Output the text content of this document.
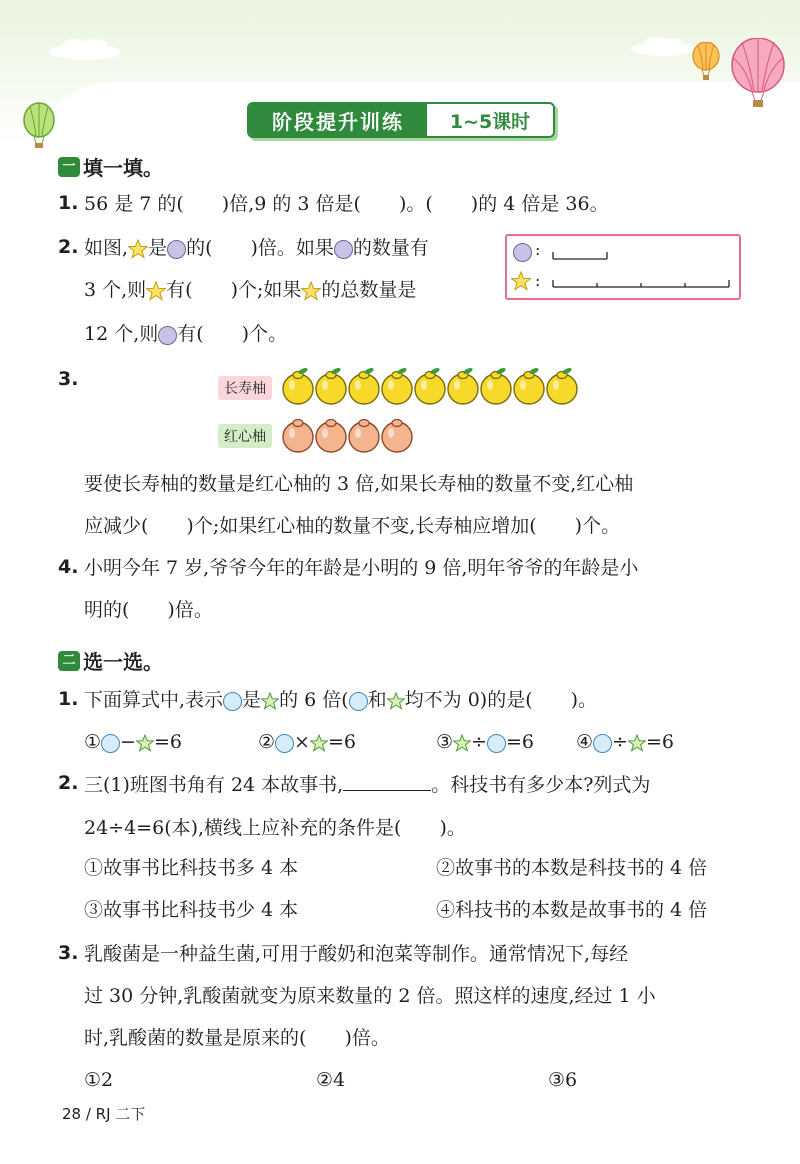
阶段提升训练	1~5课时
一 填一填。
1. 56 是 7 的(　　)倍,9 的 3 倍是(　　)。(　　)的 4 倍是 36。
2. 如图, 是 的(　　)倍。如果 的数量有
3 个,则 有(　　)个;如果 的总数量是
12 个,则 有(　　)个。
:
:
3.	长寿柚
红心柚
要使长寿柚的数量是红心柚的 3 倍,如果长寿柚的数量不变,红心柚
应减少(　　)个;如果红心柚的数量不变,长寿柚应增加(　　)个。
4. 小明今年 7 岁,爷爷今年的年龄是小明的 9 倍,明年爷爷的年龄是小
明的(　　)倍。
二 选一选。
1. 下面算式中,表示 是 的 6 倍( 和 均不为 0)的是(　　)。
① − =6	② × =6	③ ÷ =6 ④ ÷ =6
2. 三(1)班图书角有 24 本故事书,	。科技书有多少本?列式为
24÷4=6(本),横线上应补充的条件是(　　)。
①故事书比科技书多 4 本	②故事书的本数是科技书的 4 倍
③故事书比科技书少 4 本	④科技书的本数是故事书的 4 倍
3. 乳酸菌是一种益生菌,可用于酸奶和泡菜等制作。通常情况下,每经
过 30 分钟,乳酸菌就变为原来数量的 2 倍。照这样的速度,经过 1 小
时,乳酸菌的数量是原来的(　　)倍。
①2	②4	③6
28 / RJ 二下
